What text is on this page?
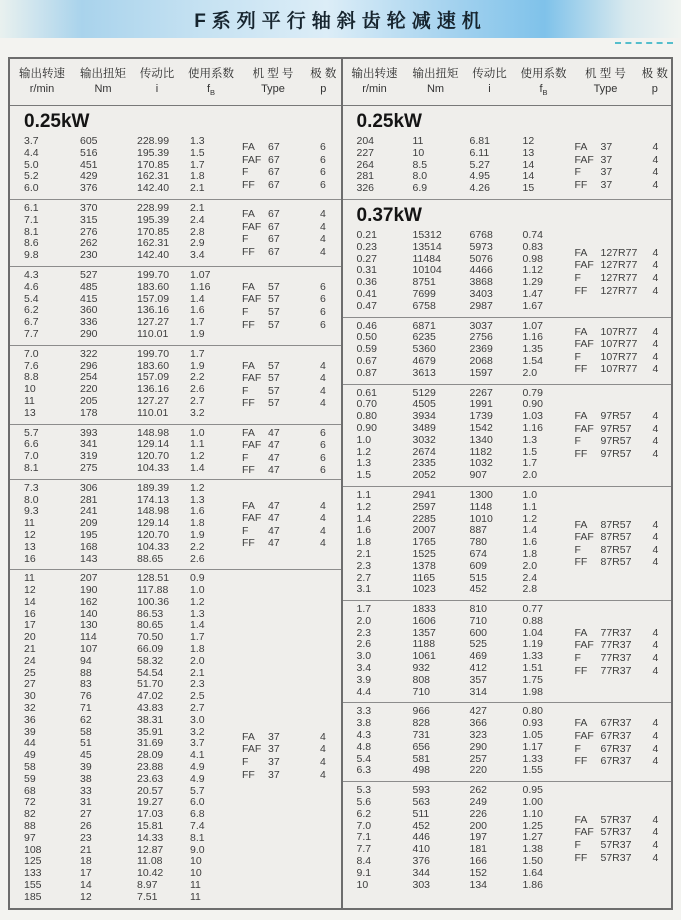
F系列平行轴斜齿轮减速机
输出转速	输出扭矩	传动比	使用系数	机 型 号	极 数
r/min	Nm	i	$f_B$	Type	p
0.25kW
3.7	605	228.99	1.3
4.4	516	195.39	1.5
5.0	451	170.85	1.7
5.2	429	162.31	1.8
6.0	376	142.40	2.1
FA	67	6
FAF 67	6
F	67	6
FF	67	6
6.1	370	228.99	2.1
7.1	315	195.39	2.4
8.1	276	170.85	2.8
8.6	262	162.31	2.9
9.8	230	142.40	3.4
FA	67	4
FAF 67	4
F	67	4
FF	67	4
4.3	527	199.70	1.07
4.6	485	183.60	1.16
5.4	415	157.09	1.4
6.2	360	136.16	1.6
6.7	336	127.27	1.7
7.7	290	110.01	1.9
FA	57	6
FAF 57	6
F	57	6
FF	57	6
7.0	322	199.70	1.7
7.6	296	183.60	1.9
8.8	254	157.09	2.2
10	220	136.16	2.6
11	205	127.27	2.7
13	178	110.01	3.2
FA	57	4
FAF 57	4
F	57	4
FF	57	4
5.7	393	148.98	1.0
6.6	341	129.14	1.1
7.0	319	120.70	1.2
8.1	275	104.33	1.4
FA	47	6
FAF 47	6
F	47	6
FF	47	6
7.3	306	189.39	1.2
8.0	281	174.13	1.3
9.3	241	148.98	1.6
11	209	129.14	1.8
12	195	120.70	1.9
13	168	104.33	2.2
16	143	88.65	2.6
FA	47	4
FAF 47	4
F	47	4
FF	47	4
11	207	128.51	0.9
12	190	117.88	1.0
14	162	100.36	1.2
16	140	86.53	1.3
17	130	80.65	1.4
20	114	70.50	1.7
21	107	66.09	1.8
24	94	58.32	2.0
25	88	54.54	2.1
27	83	51.70	2.3
30	76	47.02	2.5
32	71	43.83	2.7
36	62	38.31	3.0
39	58	35.91	3.2
44	51	31.69	3.7
49	45	28.09	4.1
58	39	23.88	4.9
59	38	23.63	4.9
68	33	20.57	5.7
72	31	19.27	6.0
82	27	17.03	6.8
88	26	15.81	7.4
97	23	14.33	8.1
108	21	12.87	9.0
125	18	11.08	10
133	17	10.42	10
155	14	8.97	11
185	12	7.51	11
FA	37	4
FAF 37	4
F	37	4
FF	37	4
输出转速	输出扭矩	传动比	使用系数	机 型 号	极 数
r/min	Nm	i	$f_B$	Type	p
0.25kW
204	11	6.81	12
227	10	6.11	13
264	8.5	5.27	14
281	8.0	4.95	14
326	6.9	4.26	15
FA	37	4
FAF 37	4
F	37	4
FF	37	4
0.37kW
0.21	15312	6768	0.74
0.23	13514	5973	0.83
0.27	11484	5076	0.98
0.31	10104	4466	1.12
0.36	8751	3868	1.29
0.41	7699	3403	1.47
0.47	6758	2987	1.67
FA	127R77	4
FAF 127R77	4
F	127R77	4
FF	127R77	4
0.46	6871	3037	1.07
0.50	6235	2756	1.16
0.59	5360	2369	1.35
0.67	4679	2068	1.54
0.87	3613	1597	2.0
FA	107R77	4
FAF 107R77	4
F	107R77	4
FF	107R77	4
0.61	5129	2267	0.79
0.70	4505	1991	0.90
0.80	3934	1739	1.03
0.90	3489	1542	1.16
1.0	3032	1340	1.3
1.2	2674	1182	1.5
1.3	2335	1032	1.7
1.5	2052	907	2.0
FA	97R57	4
FAF 97R57	4
F	97R57	4
FF	97R57	4
1.1	2941	1300	1.0
1.2	2597	1148	1.1
1.4	2285	1010	1.2
1.6	2007	887	1.4
1.8	1765	780	1.6
2.1	1525	674	1.8
2.3	1378	609	2.0
2.7	1165	515	2.4
3.1	1023	452	2.8
FA	87R57	4
FAF 87R57	4
F	87R57	4
FF	87R57	4
1.7	1833	810	0.77
2.0	1606	710	0.88
2.3	1357	600	1.04
2.6	1188	525	1.19
3.0	1061	469	1.33
3.4	932	412	1.51
3.9	808	357	1.75
4.4	710	314	1.98
FA	77R37	4
FAF 77R37	4
F	77R37	4
FF	77R37	4
3.3	966	427	0.80
3.8	828	366	0.93
4.3	731	323	1.05
4.8	656	290	1.17
5.4	581	257	1.33
6.3	498	220	1.55
FA	67R37	4
FAF 67R37	4
F	67R37	4
FF	67R37	4
5.3	593	262	0.95
5.6	563	249	1.00
6.2	511	226	1.10
7.0	452	200	1.25
7.1	446	197	1.27
7.7	410	181	1.38
8.4	376	166	1.50
9.1	344	152	1.64
10	303	134	1.86
FA	57R37	4
FAF 57R37	4
F	57R37	4
FF	57R37	4
